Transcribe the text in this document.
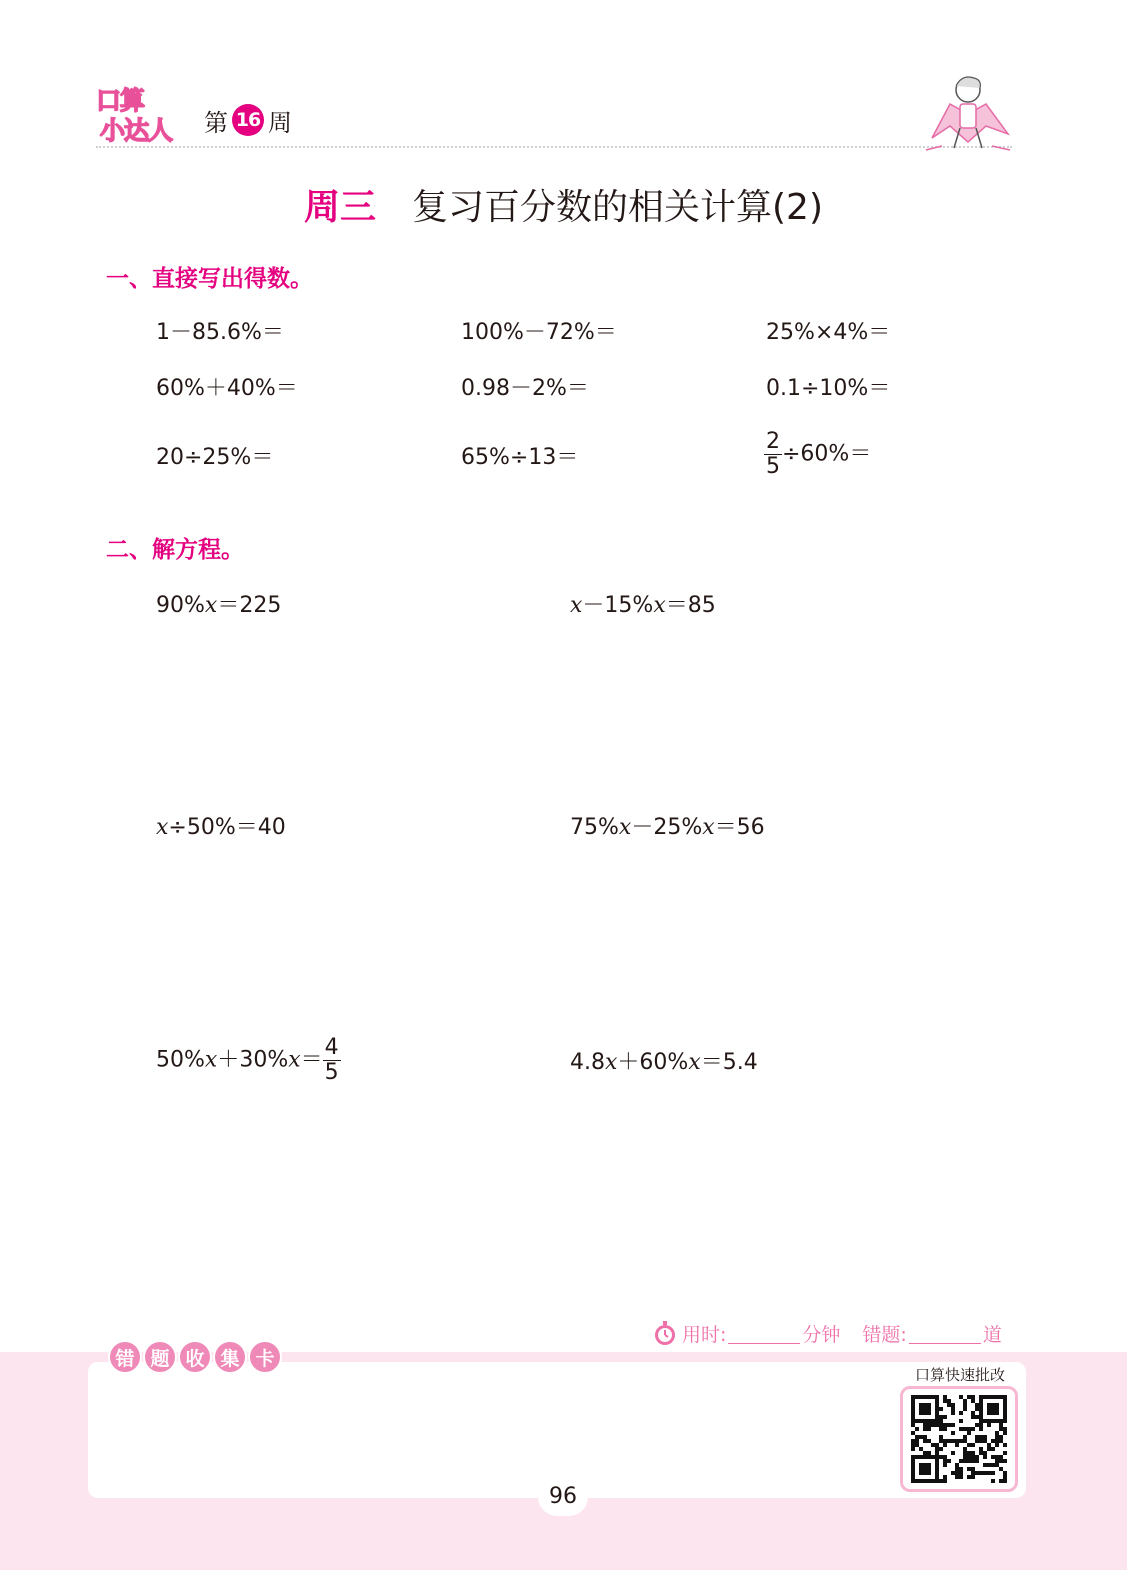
口算
小达人 第 16 周
周三 复习百分数的相关计算(2)
一、直接写出得数。
1－85.6%＝	100%－72%＝	25%×4%＝
60%＋40%＝	0.98－2%＝	0.1÷10%＝
20÷25%＝	65%÷13＝	$\frac{2}{5} \div 60\%=$
二、解方程。
90%x＝225	x－15%x＝85
x÷50%＝40	75%x－25%x＝56
$50\%x+30\%x= \frac{4}{5}$	4.8x＋60%x＝5.4
用时:	分钟 错题:	道
错 题 收 集 卡
口算快速批改
96
